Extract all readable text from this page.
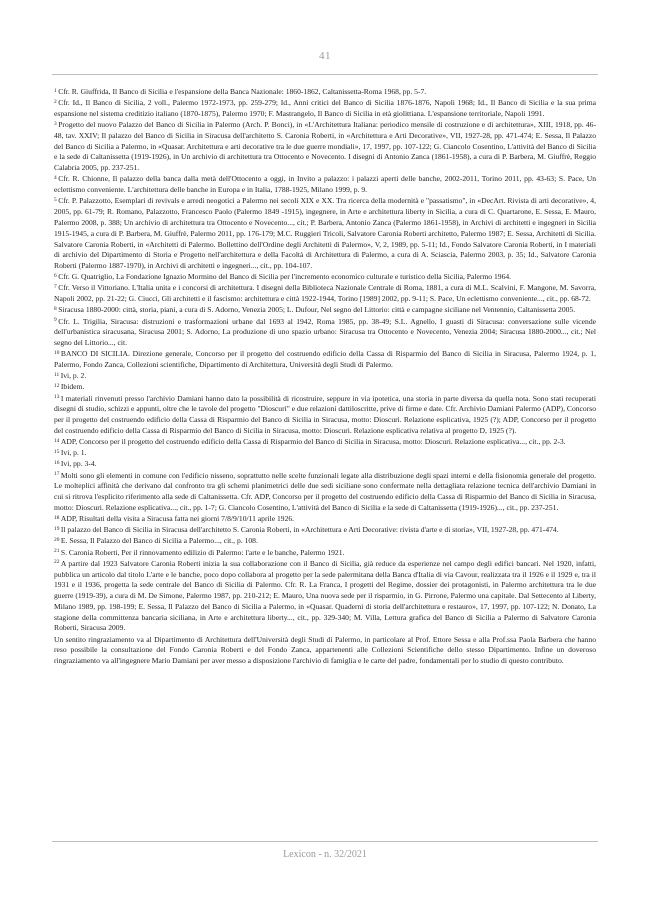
41

$^1$ Cfr. R. Giuffrida, Il Banco di Sicilia e l'espansione della Banca Nazionale: 1860-1862, Caltanissetta-Roma 1968, pp. 5-7.

$^2$ Cfr. Id., Il Banco di Sicilia, 2 voll., Palermo 1972-1973, pp. 259-279; Id., Anni critici del Banco di Sicilia 1876-1876, Napoli 1968; Id., Il Banco di Sicilia e la sua prima espansione nel sistema creditizio italiano (1870-1875), Palermo 1970; F. Mastrangelo, Il Banco di Sicilia in età giolittiana. L'espansione territoriale, Napoli 1991.

$^3$ Progetto del nuovo Palazzo del Banco di Sicilia in Palermo (Arch. P. Bonci), in «L'Architettura Italiana: periodico mensile di costruzione e di architettura», XIII, 1918, pp. 46-48, tav. XXIV; Il palazzo del Banco di Sicilia in Siracusa dell'architetto S. Caronia Roberti, in «Architettura e Arti Decorative», VII, 1927-28, pp. 471-474; E. Sessa, Il Palazzo del Banco di Sicilia a Palermo, in «Quasar. Architettura e arti decorative tra le due guerre mondiali», 17, 1997, pp. 107-122; G. Ciancolo Cosentino, L'attività del Banco di Sicilia e la sede di Caltanissetta (1919-1926), in Un archivio di architettura tra Ottocento e Novecento. I disegni di Antonio Zanca (1861-1958), a cura di P. Barbera, M. Giuffrè, Reggio Calabria 2005, pp. 237-251.

$^4$ Cfr. R. Chionne, Il palazzo della banca dalla metà dell'Ottocento a oggi, in Invito a palazzo: i palazzi aperti delle banche, 2002-2011, Torino 2011, pp. 43-63; S. Pace, Un eclettismo conveniente. L'architettura delle banche in Europa e in Italia, 1788-1925, Milano 1999, p. 9.

$^5$ Cfr. P. Palazzotto, Esemplari di revivals e arredi neogotici a Palermo nei secoli XIX e XX. Tra ricerca della modernità e "passatismo", in «DecArt. Rivista di arti decorative», 4, 2005, pp. 61-79; R. Romano, Palazzotto, Francesco Paolo (Palermo 1849 -1915), ingegnere, in Arte e architettura liberty in Sicilia, a cura di C. Quartarone, E. Sessa, E. Mauro, Palermo 2008, p. 388; Un archivio di architettura tra Ottocento e Novecento..., cit.; P. Barbera, Antonio Zanca (Palermo 1861-1958), in Archivi di architetti e ingegneri in Sicilia 1915-1945, a cura di P. Barbera, M. Giuffrè, Palermo 2011, pp. 176-179; M.C. Ruggieri Tricoli, Salvatore Caronia Roberti architetto, Palermo 1987; E. Sessa, Architetti di Sicilia. Salvatore Caronia Roberti, in «Architetti di Palermo. Bollettino dell'Ordine degli Architetti di Palermo», V, 2, 1989, pp. 5-11; Id., Fondo Salvatore Caronia Roberti, in I materiali di archivio del Dipartimento di Storia e Progetto nell'architettura e della Facoltà di Architettura di Palermo, a cura di A. Sciascia, Palermo 2003, p. 35; Id., Salvatore Caronia Roberti (Palermo 1887-1970), in Archivi di architetti e ingegneri..., cit., pp. 104-107.

$^6$ Cfr. G. Quatriglio, La Fondazione Ignazio Mormino del Banco di Sicilia per l'incremento economico culturale e turistico della Sicilia, Palermo 1964.

$^7$ Cfr. Verso il Vittoriano. L'Italia unita e i concorsi di architettura. I disegni della Biblioteca Nazionale Centrale di Roma, 1881, a cura di M.L. Scalvini, F. Mangone, M. Savorra, Napoli 2002, pp. 21-22; G. Ciucci, Gli architetti e il fascismo: architettura e città 1922-1944, Torino [1989] 2002, pp. 9-11; S. Pace, Un eclettismo conveniente..., cit., pp. 68-72.

$^8$ Siracusa 1880-2000: città, storia, piani, a cura di S. Adorno, Venezia 2005; L. Dufour, Nel segno del Littorio: città e campagne siciliane nel Ventennio, Caltanissetta 2005.

$^9$ Cfr. L. Trigilia, Siracusa: distruzioni e trasformazioni urbane dal 1693 al 1942, Roma 1985, pp. 38-49; S.L. Agnello, I guasti di Siracusa: conversazione sulle vicende dell'urbanistica siracusana, Siracusa 2001; S. Adorno, La produzione di uno spazio urbano: Siracusa tra Ottocento e Novecento, Venezia 2004; Siracusa 1880-2000..., cit.; Nel segno del Littorio..., cit.

$^{10}$ BANCO DI SICILIA. Direzione generale, Concorso per il progetto del costruendo edificio della Cassa di Risparmio del Banco di Sicilia in Siracusa, Palermo 1924, p. 1, Palermo, Fondo Zanca, Collezioni scientifiche, Dipartimento di Architettura, Università degli Studi di Palermo.

$^{11}$ Ivi, p. 2.

$^{12}$ Ibidem.

$^{13}$ I materiali rinvenuti presso l'archivio Damiani hanno dato la possibilità di ricostruire, seppure in via ipotetica, una storia in parte diversa da quella nota. Sono stati recuperati disegni di studio, schizzi e appunti, oltre che le tavole del progetto "Dioscuri" e due relazioni dattiloscritte, prive di firme e date. Cfr. Archivio Damiani Palermo (ADP), Concorso per il progetto del costruendo edificio della Cassa di Risparmio del Banco di Sicilia in Siracusa, motto: Dioscuri. Relazione esplicativa, 1925 (?); ADP, Concorso per il progetto del costruendo edificio della Cassa di Risparmio del Banco di Sicilia in Siracusa, motto: Dioscuri. Relazione esplicativa relativa al progetto D, 1925 (?).

$^{14}$ ADP, Concorso per il progetto del costruendo edificio della Cassa di Risparmio del Banco di Sicilia in Siracusa, motto: Dioscuri. Relazione esplicativa..., cit., pp. 2-3.

$^{15}$ Ivi, p. 1.

$^{16}$ Ivi, pp. 3-4.

$^{17}$ Molti sono gli elementi in comune con l'edificio nisseno, soprattutto nelle scelte funzionali legate alla distribuzione degli spazi interni e della fisionomia generale del progetto. Le molteplici affinità che derivano dal confronto tra gli schemi planimetrici delle due sedi siciliane sono confermate nella dettagliata relazione tecnica dell'archivio Damiani in cui si ritrova l'esplicito riferimento alla sede di Caltanissetta. Cfr. ADP, Concorso per il progetto del costruendo edificio della Cassa di Risparmio del Banco di Sicilia in Siracusa, motto: Dioscuri. Relazione esplicativa..., cit., pp. 1-7; G. Ciancolo Cosentino, L'attività del Banco di Sicilia e la sede di Caltanissetta (1919-1926)..., cit., pp. 237-251.

$^{18}$ ADP, Risultati della visita a Siracusa fatta nei giorni 7/8/9/10/11 aprile 1926.

$^{19}$ Il palazzo del Banco di Sicilia in Siracusa dell'architetto S. Caronia Roberti, in «Architettura e Arti Decorative: rivista d'arte e di storia», VII, 1927-28, pp. 471-474.

$^{20}$ E. Sessa, Il Palazzo del Banco di Sicilia a Palermo..., cit., p. 108.

$^{21}$ S. Caronia Roberti, Per il rinnovamento edilizio di Palermo: l'arte e le banche, Palermo 1921.

$^{22}$ A partire dal 1923 Salvatore Caronia Roberti inizia la sua collaborazione con il Banco di Sicilia, già reduce da esperienze nel campo degli edifici bancari. Nel 1920, infatti, pubblica un articolo dal titolo L'arte e le banche, poco dopo collabora al progetto per la sede palermitana della Banca d'Italia di via Cavour, realizzata tra il 1926 e il 1929 e, tra il 1931 e il 1936, progetta la sede centrale del Banco di Sicilia di Palermo. Cfr. R. La Franca, I progetti del Regime, dossier dei protagonisti, in Palermo architettura tra le due guerre (1919-39), a cura di M. De Simone, Palermo 1987, pp. 210-212; E. Mauro, Una nuova sede per il risparmio, in G. Pirrone, Palermo una capitale. Dal Settecento al Liberty, Milano 1989, pp. 198-199; E. Sessa, Il Palazzo del Banco di Sicilia a Palermo, in «Quasar. Quaderni di storia dell'architettura e restauro», 17, 1997, pp. 107-122; N. Donato, La stagione della committenza bancaria siciliana, in Arte e architettura liberty..., cit., pp. 329-340; M. Villa, Lettura grafica del Banco di Sicilia a Palermo di Salvatore Caronia Roberti, Siracusa 2009.

Un sentito ringraziamento va al Dipartimento di Architettura dell'Università degli Studi di Palermo, in particolare al Prof. Ettore Sessa e alla Prof.ssa Paola Barbera che hanno reso possibile la consultazione del Fondo Caronia Roberti e del Fondo Zanca, appartenenti alle Collezioni Scientifiche dello stesso Dipartimento. Infine un doveroso ringraziamento va all'ingegnere Mario Damiani per aver messo a disposizione l'archivio di famiglia e le carte del padre, fondamentali per lo studio di questo contributo.

Lexicon - n. 32/2021
